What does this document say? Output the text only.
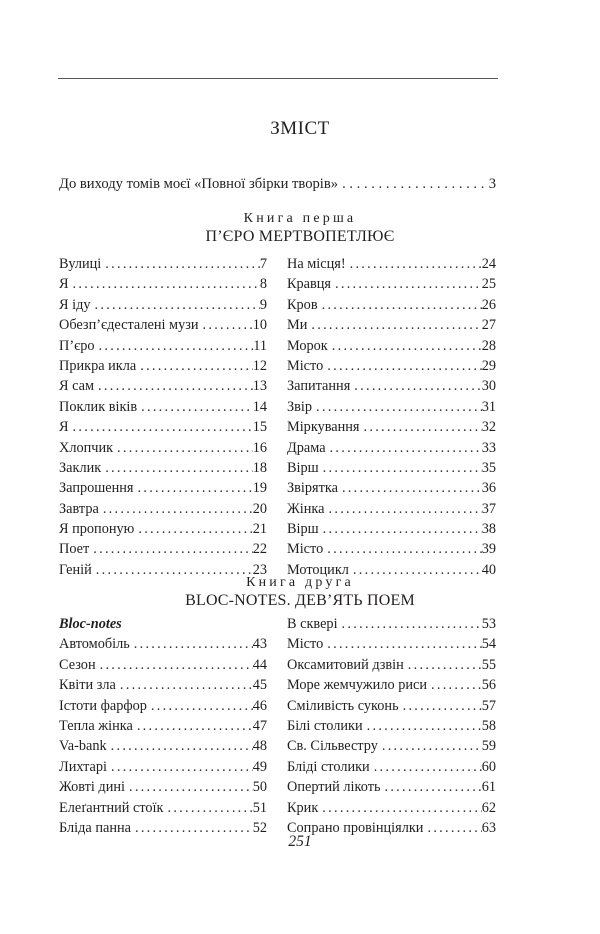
ЗМІСТ
До виходу томів моєї «Повної збірки творів» . . .	3
Книга перша
П’ЄРО МЕРТВОПЕТЛЮЄ
Вулиці . . .	7
Я . . .	8
Я іду . . .	9
Обезп’єдесталені музи . . .	10
П’єро . . .	11
Прикра икла . . .	12
Я сам . . .	13
Поклик віків . . .	14
Я . . .	15
Хлопчик . . .	16
Заклик . . .	18
Запрошення . . .	19
Завтра . . .	20
Я пропоную . . .	21
Поет . . .	22
Геній . . .	23
На місця! . . .	24
Кравця . . .	25
Кров . . .	26
Ми . . .	27
Морок . . .	28
Місто . . .	29
Запитання . . .	30
Звір . . .	31
Міркування . . .	32
Драма . . .	33
Вірш . . .	35
Звірятка . . .	36
Жінка . . .	37
Вірш . . .	38
Місто . . .	39
Мотоцикл . . .	40
Книга друга
BLOC-NOTES. ДЕВ’ЯТЬ ПОЕМ
Bloc-notes
Автомобіль . . .	43
Сезон . . .	44
Квіти зла . . .	45
Істоти фарфор . . .	46
Тепла жінка . . .	47
Va-bank . . .	48
Лихтарі . . .	49
Жовті дині . . .	50
Елеґантний стоїк . . .	51
Бліда панна . . .	52
В сквері . . .	53
Місто . . .	54
Оксамитовий дзвін . . .	55
Море жемчужило риси . . .	56
Сміливість суконь . . .	57
Білі столики . . .	58
Св. Сільвестру . . .	59
Бліді столики . . .	60
Опертий лікоть . . .	61
Крик . . .	62
Сопрано провінціялки . . .	63
251
